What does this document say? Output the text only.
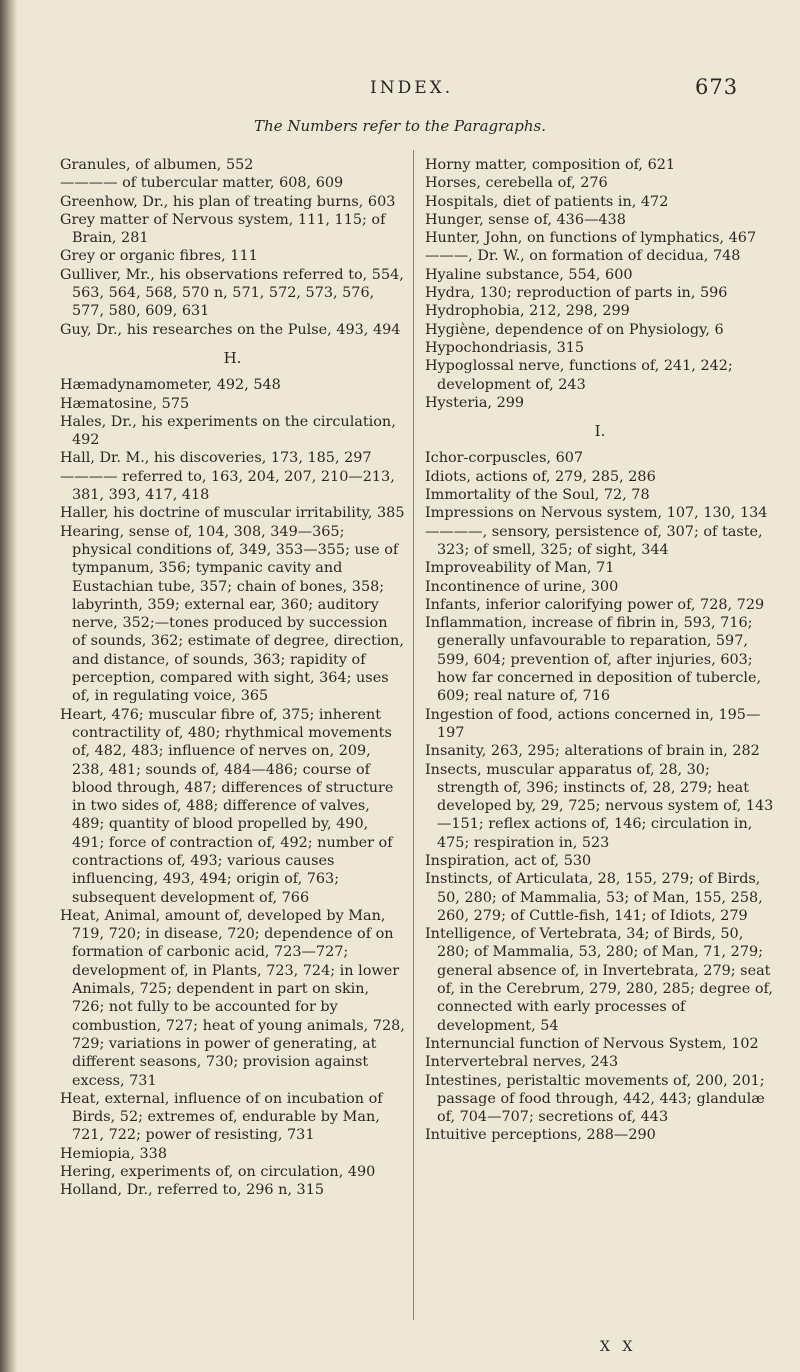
INDEX.	673
The Numbers refer to the Paragraphs.
Granules, of albumen, 552
———— of tubercular matter, 608, 609
Greenhow, Dr., his plan of treating burns, 603
Grey matter of Nervous system, 111, 115; of Brain, 281
Grey or organic fibres, 111
Gulliver, Mr., his observations referred to, 554, 563, 564, 568, 570 n, 571, 572, 573, 576, 577, 580, 609, 631
Guy, Dr., his researches on the Pulse, 493, 494
H.
Hæmadynamometer, 492, 548
Hæmatosine, 575
Hales, Dr., his experiments on the circulation, 492
Hall, Dr. M., his discoveries, 173, 185, 297
———— referred to, 163, 204, 207, 210—213, 381, 393, 417, 418
Haller, his doctrine of muscular irritability, 385
Hearing, sense of, 104, 308, 349—365; physical conditions of, 349, 353—355; use of tympanum, 356; tympanic cavity and Eustachian tube, 357; chain of bones, 358; labyrinth, 359; external ear, 360; auditory nerve, 352;—tones produced by succession of sounds, 362; estimate of degree, direction, and distance, of sounds, 363; rapidity of perception, compared with sight, 364; uses of, in regulating voice, 365
Heart, 476; muscular fibre of, 375; inherent contractility of, 480; rhythmical movements of, 482, 483; influence of nerves on, 209, 238, 481; sounds of, 484—486; course of blood through, 487; differences of structure in two sides of, 488; difference of valves, 489; quantity of blood propelled by, 490, 491; force of contraction of, 492; number of contractions of, 493; various causes influencing, 493, 494; origin of, 763; subsequent development of, 766
Heat, Animal, amount of, developed by Man, 719, 720; in disease, 720; dependence of on formation of carbonic acid, 723—727; development of, in Plants, 723, 724; in lower Animals, 725; dependent in part on skin, 726; not fully to be accounted for by combustion, 727; heat of young animals, 728, 729; variations in power of generating, at different seasons, 730; provision against excess, 731
Heat, external, influence of on incubation of Birds, 52; extremes of, endurable by Man, 721, 722; power of resisting, 731
Hemiopia, 338
Hering, experiments of, on circulation, 490
Holland, Dr., referred to, 296 n, 315
Horny matter, composition of, 621
Horses, cerebella of, 276
Hospitals, diet of patients in, 472
Hunger, sense of, 436—438
Hunter, John, on functions of lymphatics, 467
———, Dr. W., on formation of decidua, 748
Hyaline substance, 554, 600
Hydra, 130; reproduction of parts in, 596
Hydrophobia, 212, 298, 299
Hygiène, dependence of on Physiology, 6
Hypochondriasis, 315
Hypoglossal nerve, functions of, 241, 242; development of, 243
Hysteria, 299
I.
Ichor-corpuscles, 607
Idiots, actions of, 279, 285, 286
Immortality of the Soul, 72, 78
Impressions on Nervous system, 107, 130, 134
————, sensory, persistence of, 307; of taste, 323; of smell, 325; of sight, 344
Improveability of Man, 71
Incontinence of urine, 300
Infants, inferior calorifying power of, 728, 729
Inflammation, increase of fibrin in, 593, 716; generally unfavourable to reparation, 597, 599, 604; prevention of, after injuries, 603; how far concerned in deposition of tubercle, 609; real nature of, 716
Ingestion of food, actions concerned in, 195—197
Insanity, 263, 295; alterations of brain in, 282
Insects, muscular apparatus of, 28, 30; strength of, 396; instincts of, 28, 279; heat developed by, 29, 725; nervous system of, 143—151; reflex actions of, 146; circulation in, 475; respiration in, 523
Inspiration, act of, 530
Instincts, of Articulata, 28, 155, 279; of Birds, 50, 280; of Mammalia, 53; of Man, 155, 258, 260, 279; of Cuttle-fish, 141; of Idiots, 279
Intelligence, of Vertebrata, 34; of Birds, 50, 280; of Mammalia, 53, 280; of Man, 71, 279; general absence of, in Invertebrata, 279; seat of, in the Cerebrum, 279, 280, 285; degree of, connected with early processes of development, 54
Internuncial function of Nervous System, 102
Intervertebral nerves, 243
Intestines, peristaltic movements of, 200, 201; passage of food through, 442, 443; glandulæ of, 704—707; secretions of, 443
Intuitive perceptions, 288—290
X X
